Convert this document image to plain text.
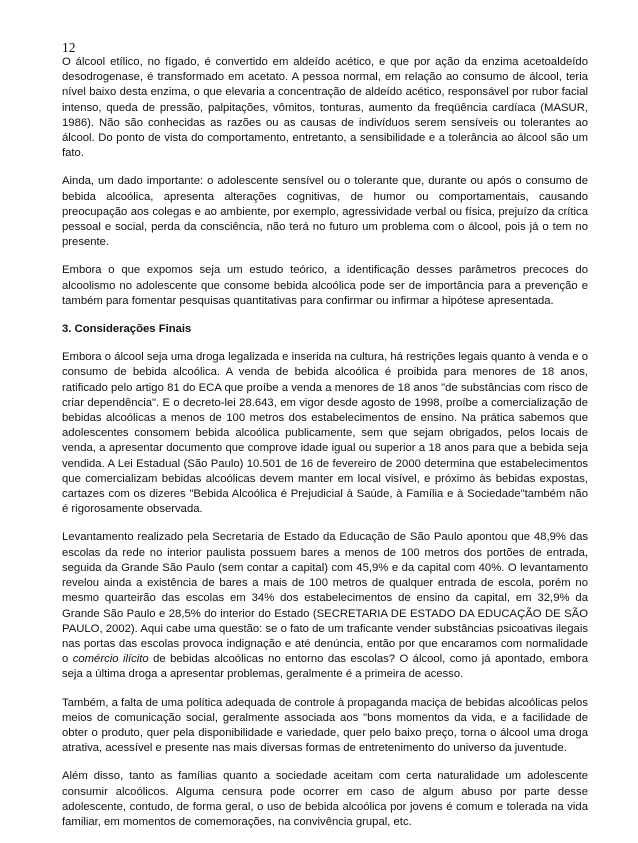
12

O álcool etílico, no fígado, é convertido em aldeído acético, e que por ação da enzima acetoaldeído desodrogenase, é transformado em acetato. A pessoa normal, em relação ao consumo de álcool, teria nível baixo desta enzima, o que elevaria a concentração de aldeído acético, responsável por rubor facial intenso, queda de pressão, palpitações, vômitos, tonturas, aumento da freqüência cardíaca (MASUR, 1986). Não são conhecidas as razões ou as causas de indivíduos serem sensíveis ou tolerantes ao álcool. Do ponto de vista do comportamento, entretanto, a sensibilidade e a tolerância ao álcool são um fato.

Ainda, um dado importante: o adolescente sensível ou o tolerante que, durante ou após o consumo de bebida alcoólica, apresenta alterações cognitivas, de humor ou comportamentais, causando preocupação aos colegas e ao ambiente, por exemplo, agressividade verbal ou física, prejuízo da crítica pessoal e social, perda da consciência, não terá no futuro um problema com o álcool, pois já o tem no presente.

Embora o que expomos seja um estudo teórico, a identificação desses parâmetros precoces do alcoolismo no adolescente que consome bebida alcoólica pode ser de importância para a prevenção e também para fomentar pesquisas quantitativas para confirmar ou infirmar a hipótese apresentada.

3. Considerações Finais

Embora o álcool seja uma droga legalizada e inserida na cultura, há restrições legais quanto à venda e o consumo de bebida alcoólica. A venda de bebida alcoólica é proibida para menores de 18 anos, ratificado pelo artigo 81 do ECA que proíbe a venda a menores de 18 anos "de substâncias com risco de criar dependência". E o decreto-lei 28.643, em vigor desde agosto de 1998, proíbe a comercialização de bebidas alcoólicas a menos de 100 metros dos estabelecimentos de ensino. Na prática sabemos que adolescentes consomem bebida alcoólica publicamente, sem que sejam obrigados, pelos locais de venda, a apresentar documento que comprove idade igual ou superior a 18 anos para que a bebida seja vendida. A Lei Estadual (São Paulo) 10.501 de 16 de fevereiro de 2000 determina que estabelecimentos que comercializam bebidas alcoólicas devem manter em local visível, e próximo às bebidas expostas, cartazes com os dizeres "Bebida Alcoólica é Prejudicial à Saúde, à Família e à Sociedade"também não é rigorosamente observada.

Levantamento realizado pela Secretaria de Estado da Educação de São Paulo apontou que 48,9% das escolas da rede no interior paulista possuem bares a menos de 100 metros dos portões de entrada, seguida da Grande São Paulo (sem contar a capital) com 45,9% e da capital com 40%. O levantamento revelou ainda a existência de bares a mais de 100 metros de qualquer entrada de escola, porém no mesmo quarteirão das escolas em 34% dos estabelecimentos de ensino da capital, em 32,9% da Grande São Paulo e 28,5% do interior do Estado (SECRETARIA DE ESTADO DA EDUCAÇÃO DE SÃO PAULO, 2002). Aqui cabe uma questão: se o fato de um traficante vender substâncias psicoativas ilegais nas portas das escolas provoca indignação e até denúncia, então por que encaramos com normalidade o comércio ilícito de bebidas alcoólicas no entorno das escolas? O álcool, como já apontado, embora seja a última droga a apresentar problemas, geralmente é a primeira de acesso.

Também, a falta de uma política adequada de controle à propaganda maciça de bebidas alcoólicas pelos meios de comunicação social, geralmente associada aos "bons momentos da vida, e a facilidade de obter o produto, quer pela disponibilidade e variedade, quer pelo baixo preço, torna o álcool uma droga atrativa, acessível e presente nas mais diversas formas de entretenimento do universo da juventude.

Além disso, tanto as famílias quanto a sociedade aceitam com certa naturalidade um adolescente consumir alcoólicos. Alguma censura pode ocorrer em caso de algum abuso por parte desse adolescente, contudo, de forma geral, o uso de bebida alcoólica por jovens é comum e tolerada na vida familiar, em momentos de comemorações, na convivência grupal, etc.
